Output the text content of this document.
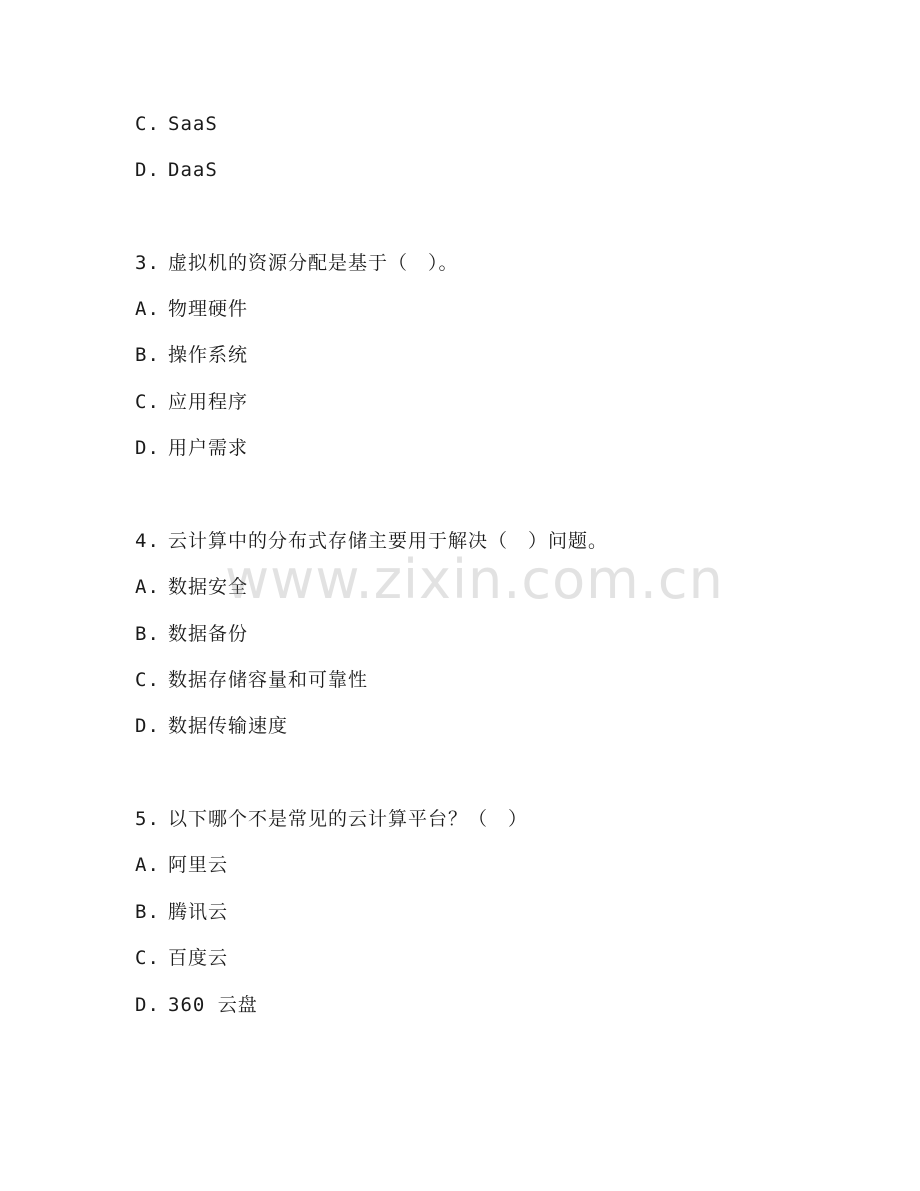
C. SaaS
D. DaaS
3. 虚拟机的资源分配是基于（　）。
A. 物理硬件
B. 操作系统
C. 应用程序
D. 用户需求
4. 云计算中的分布式存储主要用于解决（　）问题。
A. 数据安全
B. 数据备份
C. 数据存储容量和可靠性
D. 数据传输速度
5. 以下哪个不是常见的云计算平台？（　）
A. 阿里云
B. 腾讯云
C. 百度云
D. 360 云盘
www.zixin.com.cn
